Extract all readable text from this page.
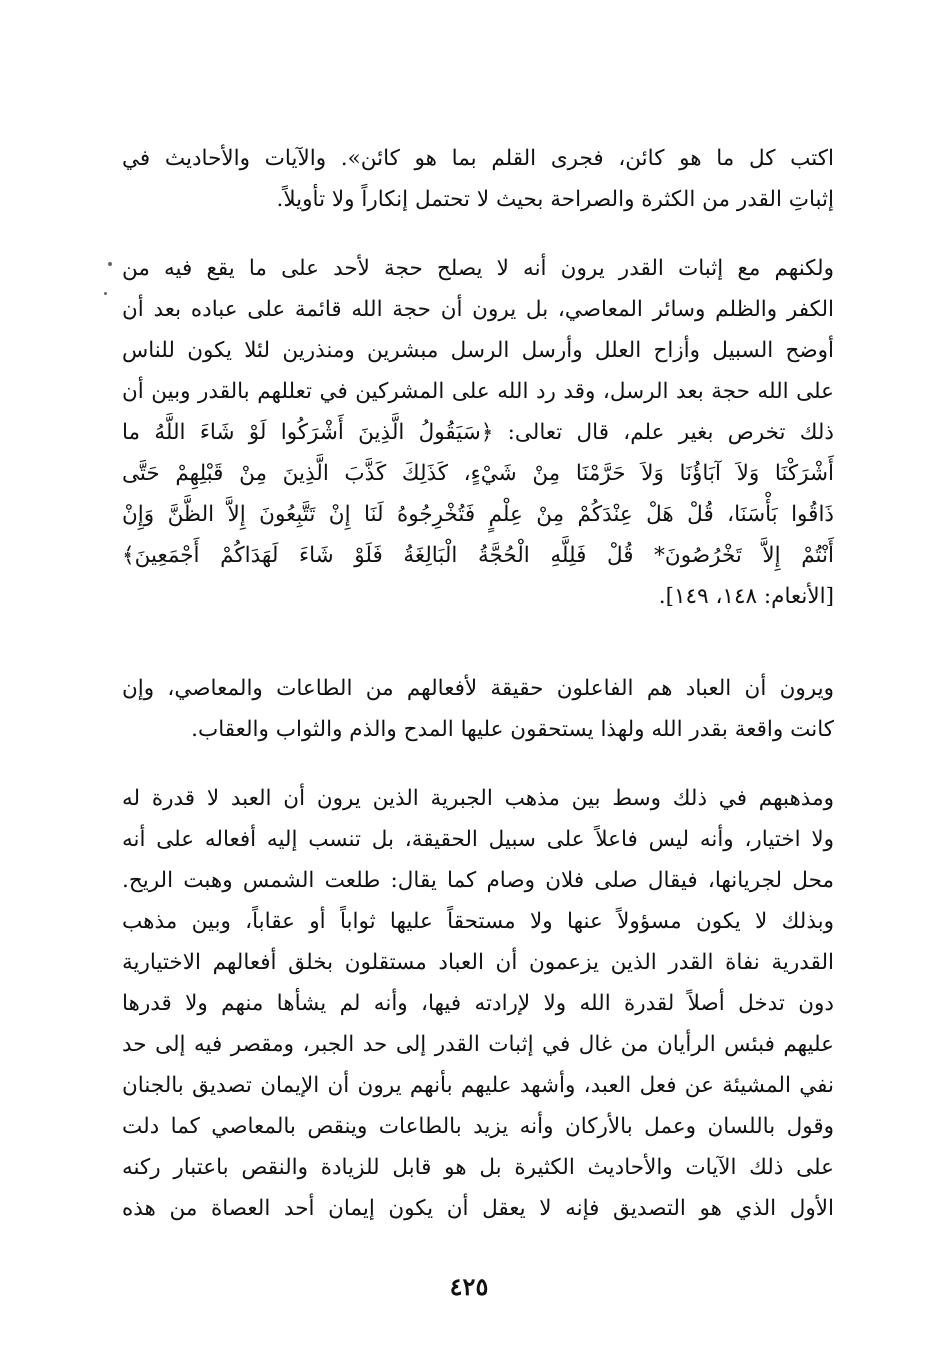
اكتب كل ما هو كائن، فجرى القلم بما هو كائن». والآيات والأحاديث في
إثباتِ القدر من الكثرة والصراحة بحيث لا تحتمل إنكاراً ولا تأويلاً.
ولكنهم مع إثبات القدر يرون أنه لا يصلح حجة لأحد على ما يقع فيه من
الكفر والظلم وسائر المعاصي، بل يرون أن حجة الله قائمة على عباده بعد أن
أوضح السبيل وأزاح العلل وأرسل الرسل مبشرين ومنذرين لئلا يكون للناس
على الله حجة بعد الرسل، وقد رد الله على المشركين في تعللهم بالقدر وبين أن
ذلك تخرص بغير علم، قال تعالى: ﴿سَيَقُولُ الَّذِينَ أَشْرَكُوا لَوْ شَاءَ اللَّهُ ما
أَشْرَكْنَا وَلاَ آبَاؤُنَا وَلاَ حَرَّمْنَا مِنْ شَيْءٍ، كَذَلِكَ كَذَّبَ الَّذِينَ مِنْ قَبْلِهِمْ حَتَّى
ذَاقُوا بَأْسَنَا، قُلْ هَلْ عِنْدَكُمْ مِنْ عِلْمٍ فَتُخْرِجُوهُ لَنَا إِنْ تَتَّبِعُونَ إِلاَّ الظَّنَّ وَإِنْ
أَنْتُمْ إِلاَّ تَخْرُصُونَ* قُلْ فَلِلَّهِ الْحُجَّةُ الْبَالِغَةُ فَلَوْ شَاءَ لَهَدَاكُمْ أَجْمَعِينَ﴾
[الأنعام: ١٤٨، ١٤٩].
ويرون أن العباد هم الفاعلون حقيقة لأفعالهم من الطاعات والمعاصي، وإن
كانت واقعة بقدر الله ولهذا يستحقون عليها المدح والذم والثواب والعقاب.
ومذهبهم في ذلك وسط بين مذهب الجبرية الذين يرون أن العبد لا قدرة له
ولا اختيار، وأنه ليس فاعلاً على سبيل الحقيقة، بل تنسب إليه أفعاله على أنه
محل لجريانها، فيقال صلى فلان وصام كما يقال: طلعت الشمس وهبت الريح.
وبذلك لا يكون مسؤولاً عنها ولا مستحقاً عليها ثواباً أو عقاباً، وبين مذهب
القدرية نفاة القدر الذين يزعمون أن العباد مستقلون بخلق أفعالهم الاختيارية
دون تدخل أصلاً لقدرة الله ولا لإرادته فيها، وأنه لم يشأها منهم ولا قدرها
عليهم فبئس الرأيان من غال في إثبات القدر إلى حد الجبر، ومقصر فيه إلى حد
نفي المشيئة عن فعل العبد، وأشهد عليهم بأنهم يرون أن الإيمان تصديق بالجنان
وقول باللسان وعمل بالأركان وأنه يزيد بالطاعات وينقص بالمعاصي كما دلت
على ذلك الآيات والأحاديث الكثيرة بل هو قابل للزيادة والنقص باعتبار ركنه
الأول الذي هو التصديق فإنه لا يعقل أن يكون إيمان أحد العصاة من هذه
٤٢٥
